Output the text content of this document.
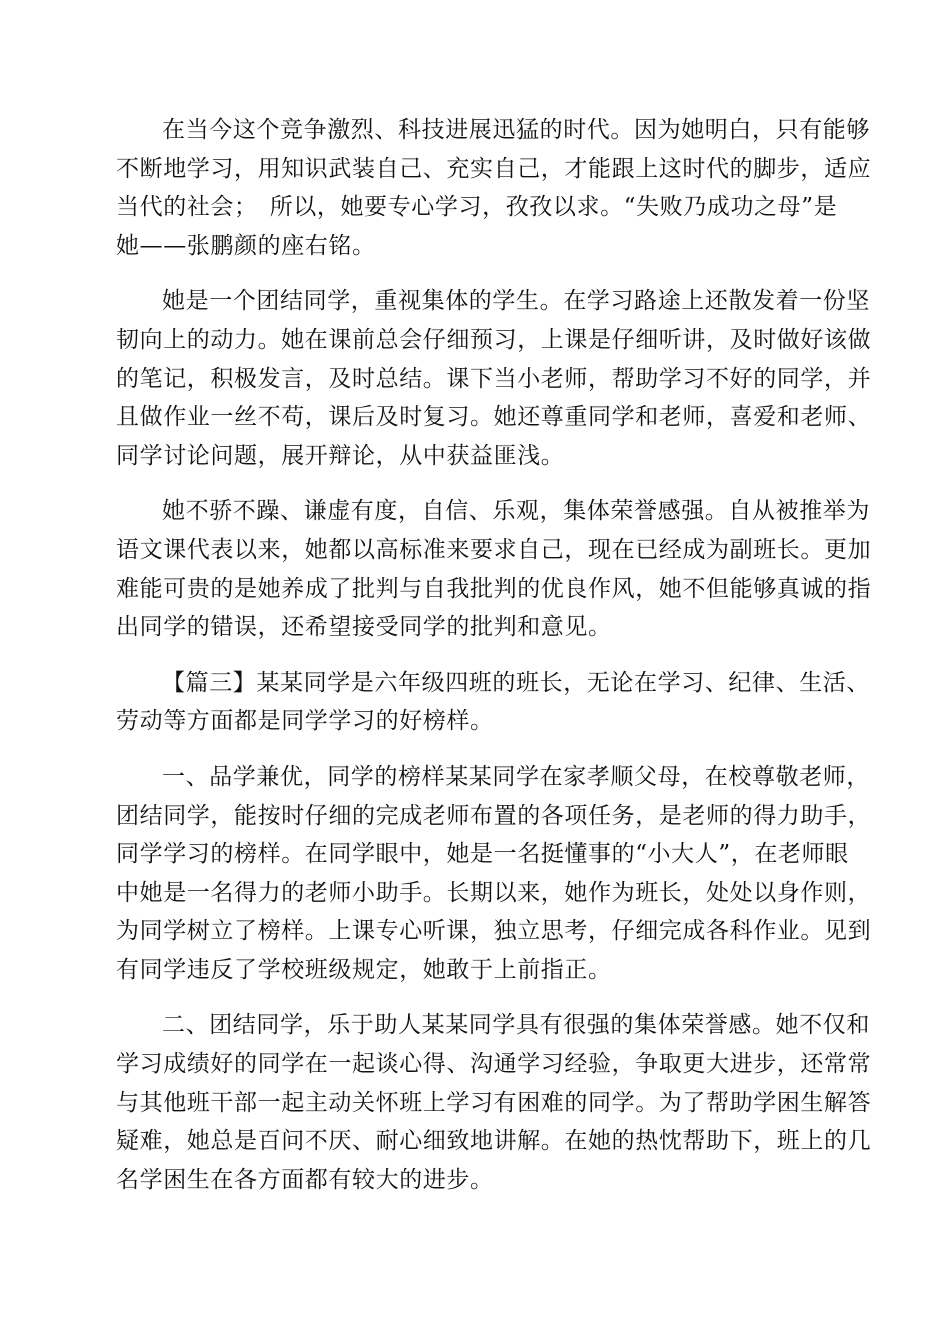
在当今这个竞争激烈、科技进展迅猛的时代。因为她明白，只有能够
不断地学习，用知识武装自己、充实自己，才能跟上这时代的脚步，适应
当代的社会；　所以，她要专心学习，孜孜以求。“失败乃成功之母”是
她——张鹏颜的座右铭。

她是一个团结同学，重视集体的学生。在学习路途上还散发着一份坚
韧向上的动力。她在课前总会仔细预习，上课是仔细听讲，及时做好该做
的笔记，积极发言，及时总结。课下当小老师，帮助学习不好的同学，并
且做作业一丝不苟，课后及时复习。她还尊重同学和老师，喜爱和老师、
同学讨论问题，展开辩论，从中获益匪浅。

她不骄不躁、谦虚有度，自信、乐观，集体荣誉感强。自从被推举为
语文课代表以来，她都以高标准来要求自己，现在已经成为副班长。更加
难能可贵的是她养成了批判与自我批判的优良作风，她不但能够真诚的指
出同学的错误，还希望接受同学的批判和意见。

【篇三】某某同学是六年级四班的班长，无论在学习、纪律、生活、
劳动等方面都是同学学习的好榜样。

一、品学兼优，同学的榜样某某同学在家孝顺父母，在校尊敬老师，
团结同学，能按时仔细的完成老师布置的各项任务，是老师的得力助手，
同学学习的榜样。在同学眼中，她是一名挺懂事的“小大人”，在老师眼
中她是一名得力的老师小助手。长期以来，她作为班长，处处以身作则，
为同学树立了榜样。上课专心听课，独立思考，仔细完成各科作业。见到
有同学违反了学校班级规定，她敢于上前指正。

二、团结同学，乐于助人某某同学具有很强的集体荣誉感。她不仅和
学习成绩好的同学在一起谈心得、沟通学习经验，争取更大进步，还常常
与其他班干部一起主动关怀班上学习有困难的同学。为了帮助学困生解答
疑难，她总是百问不厌、耐心细致地讲解。在她的热忱帮助下，班上的几
名学困生在各方面都有较大的进步。
